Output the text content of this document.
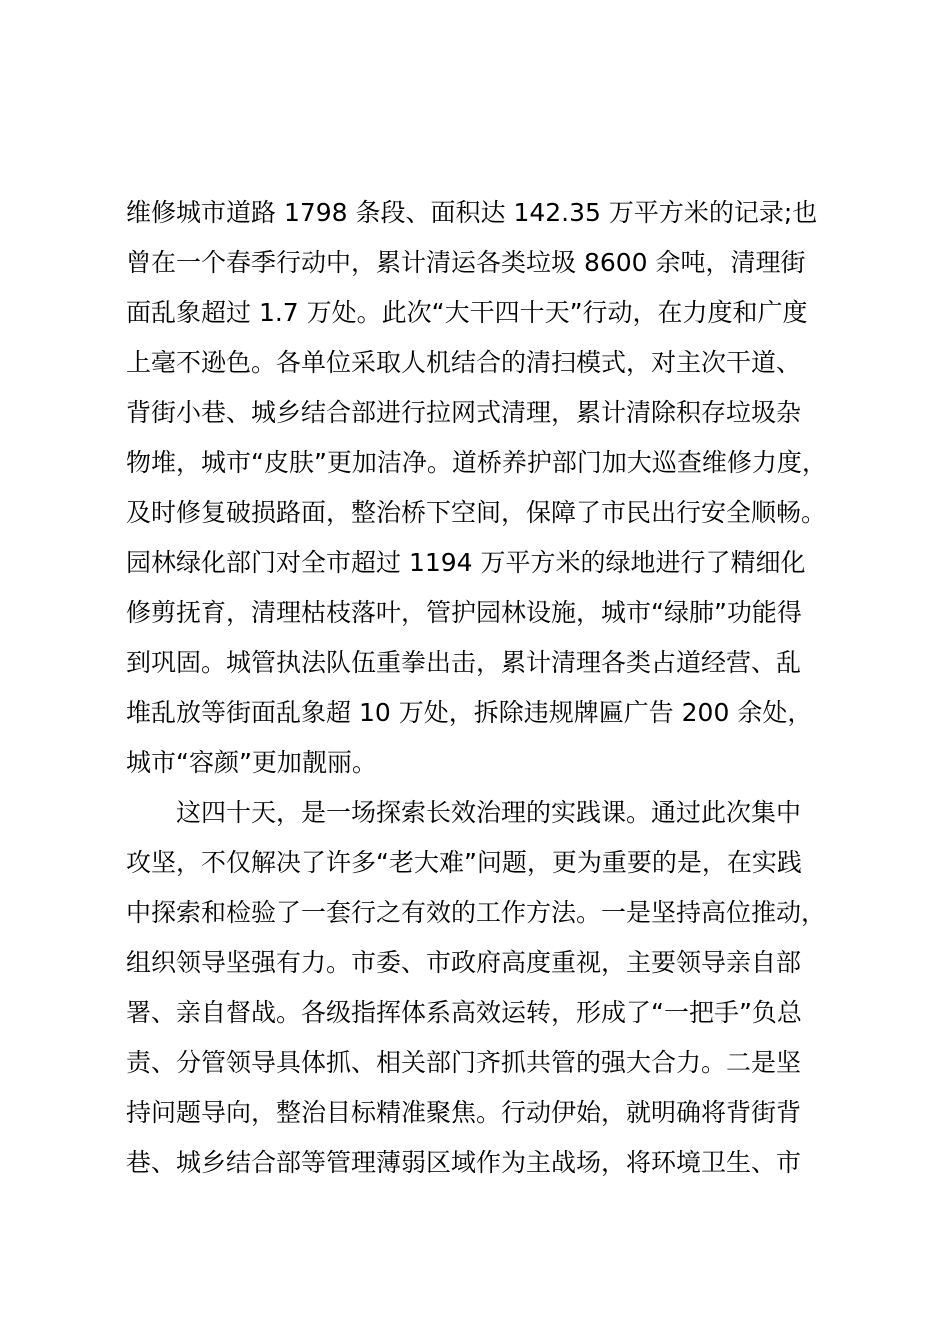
维修城市道路 1798 条段、面积达 142.35 万平方米的记录;也
曾在一个春季行动中，累计清运各类垃圾 8600 余吨，清理街
面乱象超过 1.7 万处。此次“大干四十天”行动，在力度和广度
上毫不逊色。各单位采取人机结合的清扫模式，对主次干道、
背街小巷、城乡结合部进行拉网式清理，累计清除积存垃圾杂
物堆，城市“皮肤”更加洁净。道桥养护部门加大巡查维修力度，
及时修复破损路面，整治桥下空间，保障了市民出行安全顺畅。
园林绿化部门对全市超过 1194 万平方米的绿地进行了精细化
修剪抚育，清理枯枝落叶，管护园林设施，城市“绿肺”功能得
到巩固。城管执法队伍重拳出击，累计清理各类占道经营、乱
堆乱放等街面乱象超 10 万处，拆除违规牌匾广告 200 余处，
城市“容颜”更加靓丽。
这四十天，是一场探索长效治理的实践课。通过此次集中
攻坚，不仅解决了许多“老大难”问题，更为重要的是，在实践
中探索和检验了一套行之有效的工作方法。一是坚持高位推动，
组织领导坚强有力。市委、市政府高度重视，主要领导亲自部
署、亲自督战。各级指挥体系高效运转，形成了“一把手”负总
责、分管领导具体抓、相关部门齐抓共管的强大合力。二是坚
持问题导向，整治目标精准聚焦。行动伊始，就明确将背街背
巷、城乡结合部等管理薄弱区域作为主战场，将环境卫生、市
